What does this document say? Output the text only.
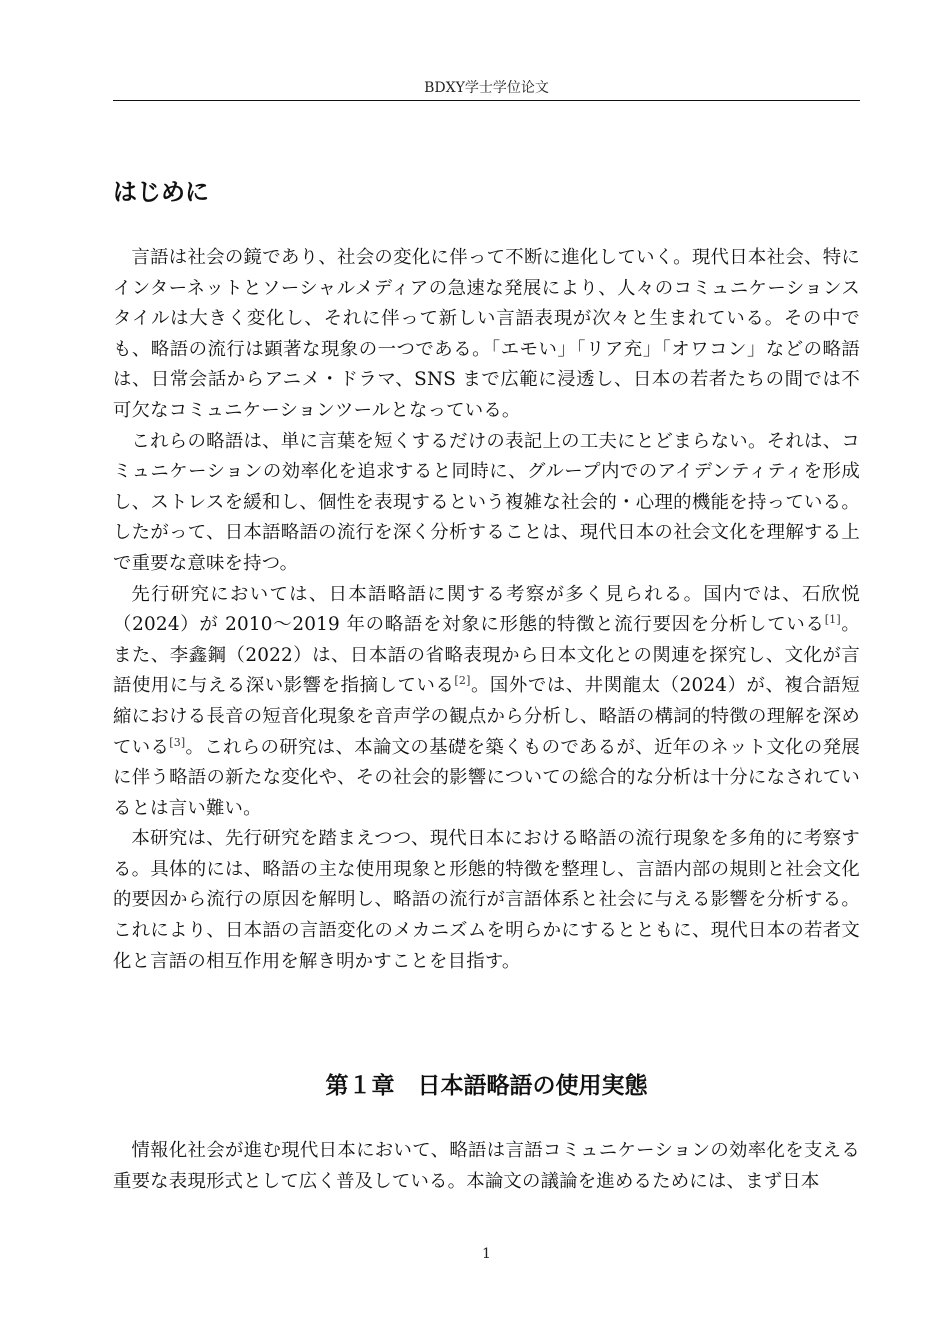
BDXY学士学位论文
はじめに

言語は社会の鏡であり、社会の変化に伴って不断に進化していく。現代日本社会、特にインターネットとソーシャルメディアの急速な発展により、人々のコミュニケーションスタイルは大きく変化し、それに伴って新しい言語表現が次々と生まれている。その中でも、略語の流行は顕著な現象の一つである。「エモい」「リア充」「オワコン」などの略語は、日常会話からアニメ・ドラマ、SNS まで広範に浸透し、日本の若者たちの間では不可欠なコミュニケーションツールとなっている。

これらの略語は、単に言葉を短くするだけの表記上の工夫にとどまらない。それは、コミュニケーションの効率化を追求すると同時に、グループ内でのアイデンティティを形成し、ストレスを緩和し、個性を表現するという複雑な社会的・心理的機能を持っている。したがって、日本語略語の流行を深く分析することは、現代日本の社会文化を理解する上で重要な意味を持つ。

先行研究においては、日本語略語に関する考察が多く見られる。国内では、石欣悦（2024）が 2010～2019 年の略語を対象に形態的特徴と流行要因を分析している[1]。また、李鑫鋼（2022）は、日本語の省略表現から日本文化との関連を探究し、文化が言語使用に与える深い影響を指摘している[2]。国外では、井関龍太（2024）が、複合語短縮における長音の短音化現象を音声学の観点から分析し、略語の構詞的特徴の理解を深めている[3]。これらの研究は、本論文の基礎を築くものであるが、近年のネット文化の発展に伴う略語の新たな変化や、その社会的影響についての総合的な分析は十分になされているとは言い難い。

本研究は、先行研究を踏まえつつ、現代日本における略語の流行現象を多角的に考察する。具体的には、略語の主な使用現象と形態的特徴を整理し、言語内部の規則と社会文化的要因から流行の原因を解明し、略語の流行が言語体系と社会に与える影響を分析する。これにより、日本語の言語変化のメカニズムを明らかにするとともに、現代日本の若者文化と言語の相互作用を解き明かすことを目指す。

第１章　日本語略語の使用実態

情報化社会が進む現代日本において、略語は言語コミュニケーションの効率化を支える重要な表現形式として広く普及している。本論文の議論を進めるためには、まず日本

1
